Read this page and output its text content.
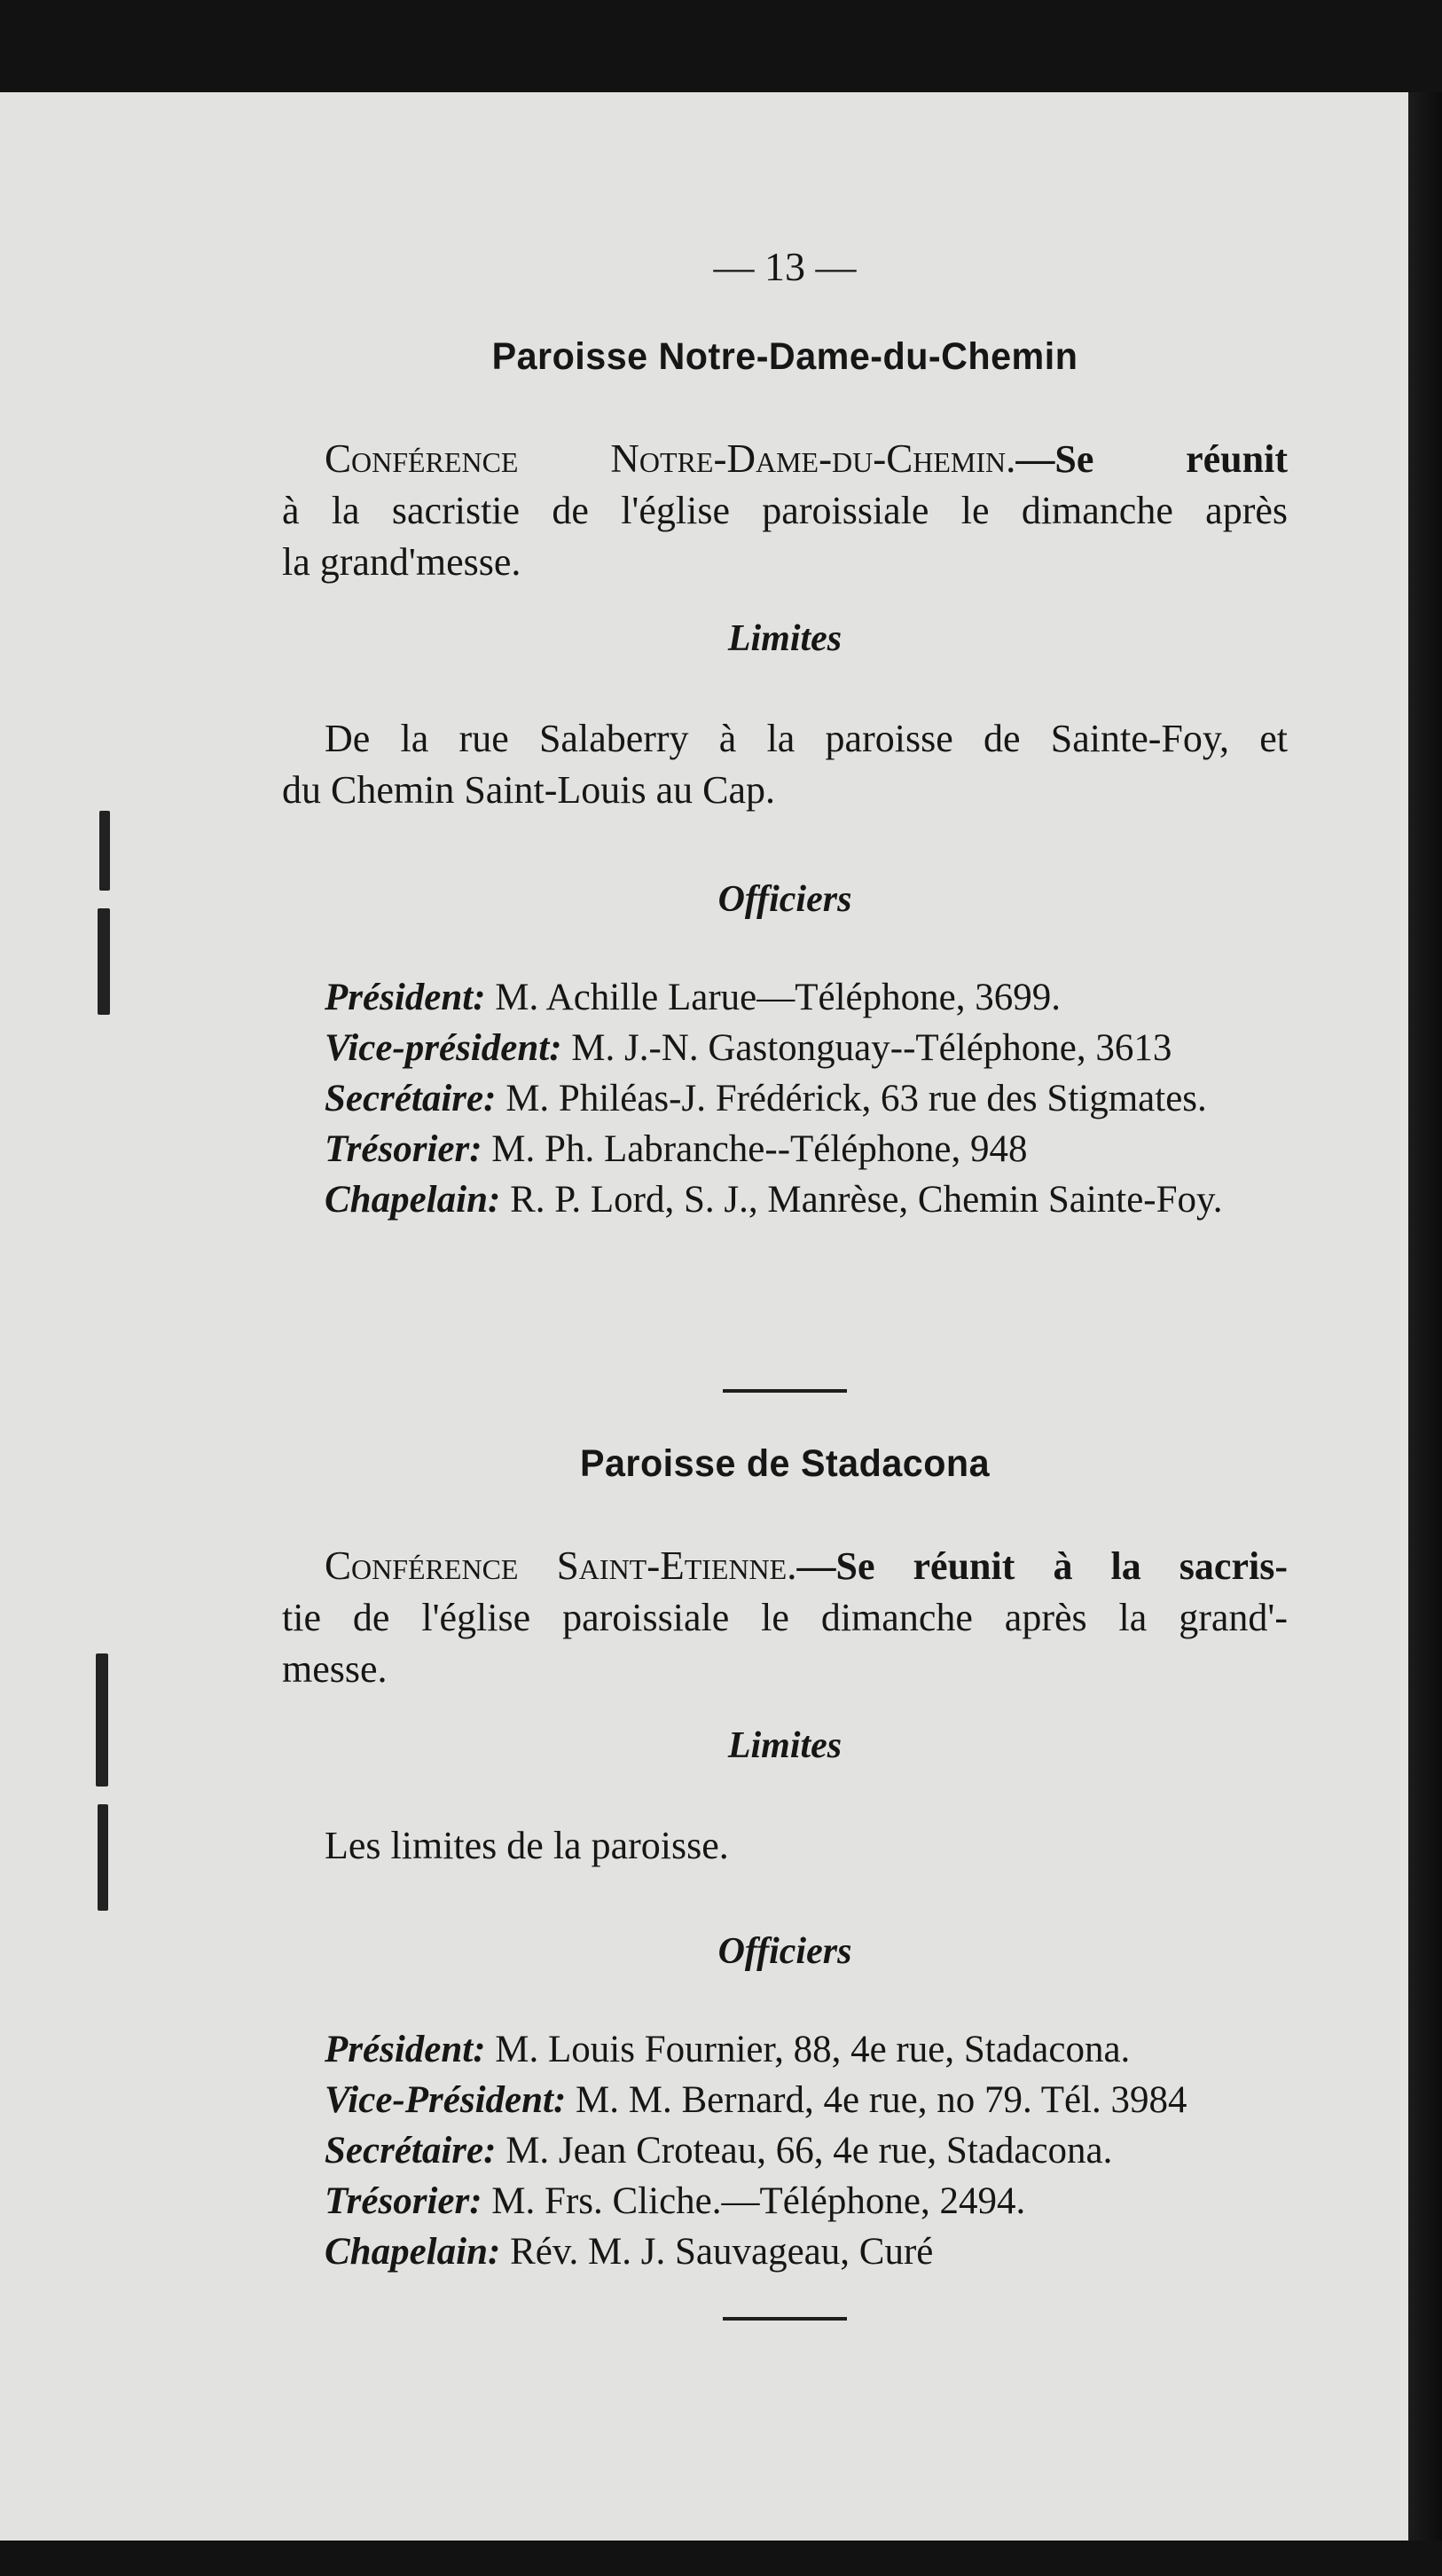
— 13 —
Paroisse Notre-Dame-du-Chemin

Conférence Notre-Dame-du-Chemin.—Se réunit
à la sacristie de l'église paroissiale le dimanche après
la grand'messe.

Limites

De la rue Salaberry à la paroisse de Sainte-Foy, et
du Chemin Saint-Louis au Cap.

Officiers
Président: M. Achille Larue—Téléphone, 3699.
Vice-président: M. J.-N. Gastonguay--Téléphone, 3613
Secrétaire: M. Philéas-J. Frédérick, 63 rue des Stigmates.
Trésorier: M. Ph. Labranche--Téléphone, 948
Chapelain: R. P. Lord, S. J., Manrèse, Chemin Sainte-Foy.
Paroisse de Stadacona

Conférence Saint-Etienne.—Se réunit à la sacris-
tie de l'église paroissiale le dimanche après la grand'-
messe.

Limites

Les limites de la paroisse.

Officiers
Président: M. Louis Fournier, 88, 4e rue, Stadacona.
Vice-Président: M. M. Bernard, 4e rue, no 79. Tél. 3984
Secrétaire: M. Jean Croteau, 66, 4e rue, Stadacona.
Trésorier: M. Frs. Cliche.—Téléphone, 2494.
Chapelain: Rév. M. J. Sauvageau, Curé
